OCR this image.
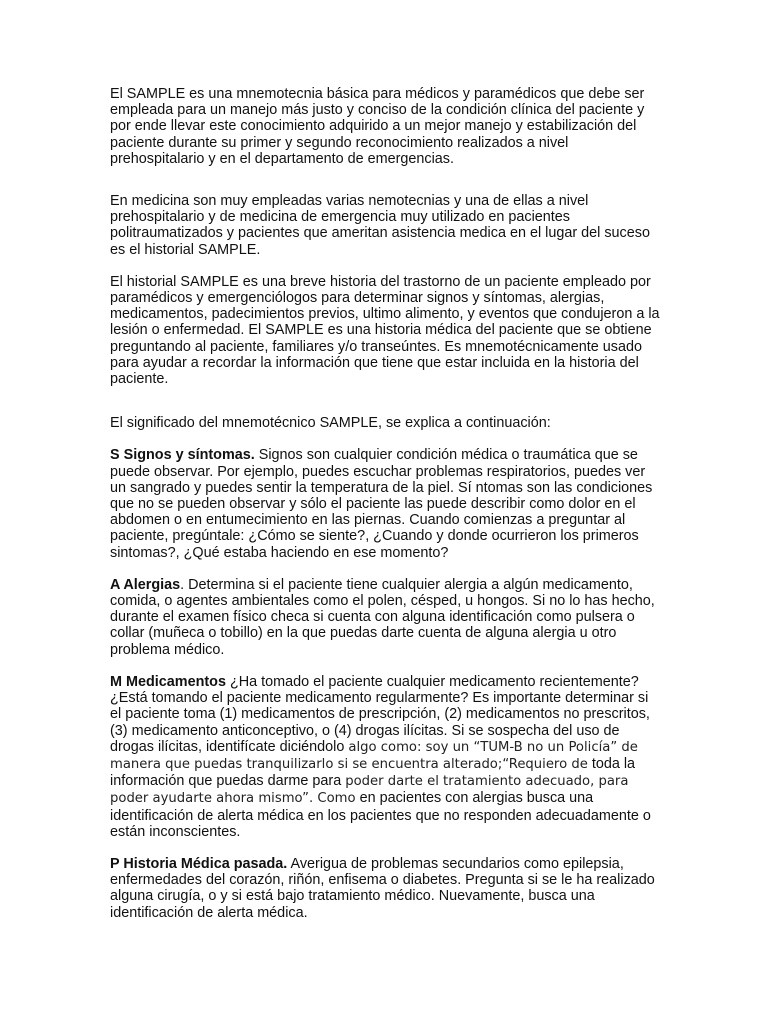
El SAMPLE es una mnemotecnia básica para médicos y paramédicos que debe ser empleada para un manejo más justo y conciso de la condición clínica del paciente y por ende llevar este conocimiento adquirido a un mejor manejo y estabilización del paciente durante su primer y segundo reconocimiento realizados a nivel prehospitalario y en el departamento de emergencias.

En medicina son muy empleadas varias nemotecnias y una de ellas a nivel prehospitalario y de medicina de emergencia muy utilizado en pacientes politraumatizados y pacientes que ameritan asistencia medica en el lugar del suceso es el historial SAMPLE.

El historial SAMPLE es una breve historia del trastorno de un paciente empleado por paramédicos y emergenciólogos para determinar signos y síntomas, alergias, medicamentos, padecimientos previos, ultimo alimento, y eventos que condujeron a la lesión o enfermedad. El SAMPLE es una historia médica del paciente que se obtiene preguntando al paciente, familiares y/o transeúntes. Es mnemotécnicamente usado para ayudar a recordar la información que tiene que estar incluida en la historia del paciente.

El significado del mnemotécnico SAMPLE, se explica a continuación:

S Signos y síntomas. Signos son cualquier condición médica o traumática que se puede observar. Por ejemplo, puedes escuchar problemas respiratorios, puedes ver un sangrado y puedes sentir la temperatura de la piel. Sí ntomas son las condiciones que no se pueden observar y sólo el paciente las puede describir como dolor en el abdomen o en entumecimiento en las piernas. Cuando comienzas a preguntar al paciente, pregúntale: ¿Cómo se siente?, ¿Cuando y donde ocurrieron los primeros sintomas?, ¿Qué estaba haciendo en ese momento?

A Alergias. Determina si el paciente tiene cualquier alergia a algún medicamento, comida, o agentes ambientales como el polen, césped, u hongos. Si no lo has hecho, durante el examen físico checa si cuenta con alguna identificación como pulsera o collar (muñeca o tobillo) en la que puedas darte cuenta de alguna alergia u otro problema médico.

M Medicamentos ¿Ha tomado el paciente cualquier medicamento recientemente? ¿Está tomando el paciente medicamento regularmente? Es importante determinar si el paciente toma (1) medicamentos de prescripción, (2) medicamentos no prescritos, (3) medicamento anticonceptivo, o (4) drogas ilícitas. Si se sospecha del uso de drogas ilícitas, identifícate diciéndolo algo como: soy un “TUM-B no un Policía” de manera que puedas tranquilizarlo si se encuentra alterado;“Requiero de toda la información que puedas darme para poder darte el tratamiento adecuado, para poder ayudarte ahora mismo”. Como en pacientes con alergias busca una identificación de alerta médica en los pacientes que no responden adecuadamente o están inconscientes.

P Historia Médica pasada. Averigua de problemas secundarios como epilepsia, enfermedades del corazón, riñón, enfisema o diabetes. Pregunta si se le ha realizado alguna cirugía, o y si está bajo tratamiento médico. Nuevamente, busca una identificación de alerta médica.
